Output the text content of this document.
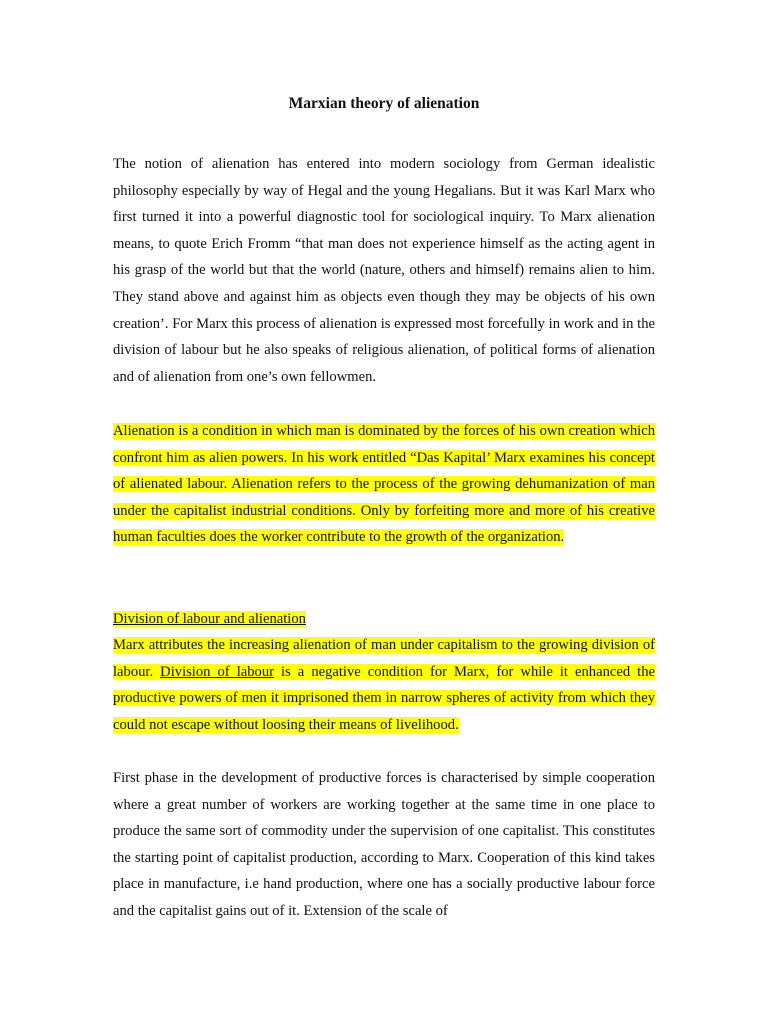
Marxian theory of alienation

The notion of alienation has entered into modern sociology from German idealistic philosophy especially by way of Hegal and the young Hegalians. But it was Karl Marx who first turned it into a powerful diagnostic tool for sociological inquiry. To Marx alienation means, to quote Erich Fromm “that man does not experience himself as the acting agent in his grasp of the world but that the world (nature, others and himself) remains alien to him. They stand above and against him as objects even though they may be objects of his own creation’. For Marx this process of alienation is expressed most forcefully in work and in the division of labour but he also speaks of religious alienation, of political forms of alienation and of alienation from one’s own fellowmen.

Alienation is a condition in which man is dominated by the forces of his own creation which confront him as alien powers. In his work entitled “Das Kapital’ Marx examines his concept of alienated labour. Alienation refers to the process of the growing dehumanization of man under the capitalist industrial conditions. Only by forfeiting more and more of his creative human faculties does the worker contribute to the growth of the organization.

Division of labour and alienation

Marx attributes the increasing alienation of man under capitalism to the growing division of labour. Division of labour is a negative condition for Marx, for while it enhanced the productive powers of men it imprisoned them in narrow spheres of activity from which they could not escape without loosing their means of livelihood.

First phase in the development of productive forces is characterised by simple cooperation where a great number of workers are working together at the same time in one place to produce the same sort of commodity under the supervision of one capitalist. This constitutes the starting point of capitalist production, according to Marx. Cooperation of this kind takes place in manufacture, i.e hand production, where one has a socially productive labour force and the capitalist gains out of it. Extension of the scale of
